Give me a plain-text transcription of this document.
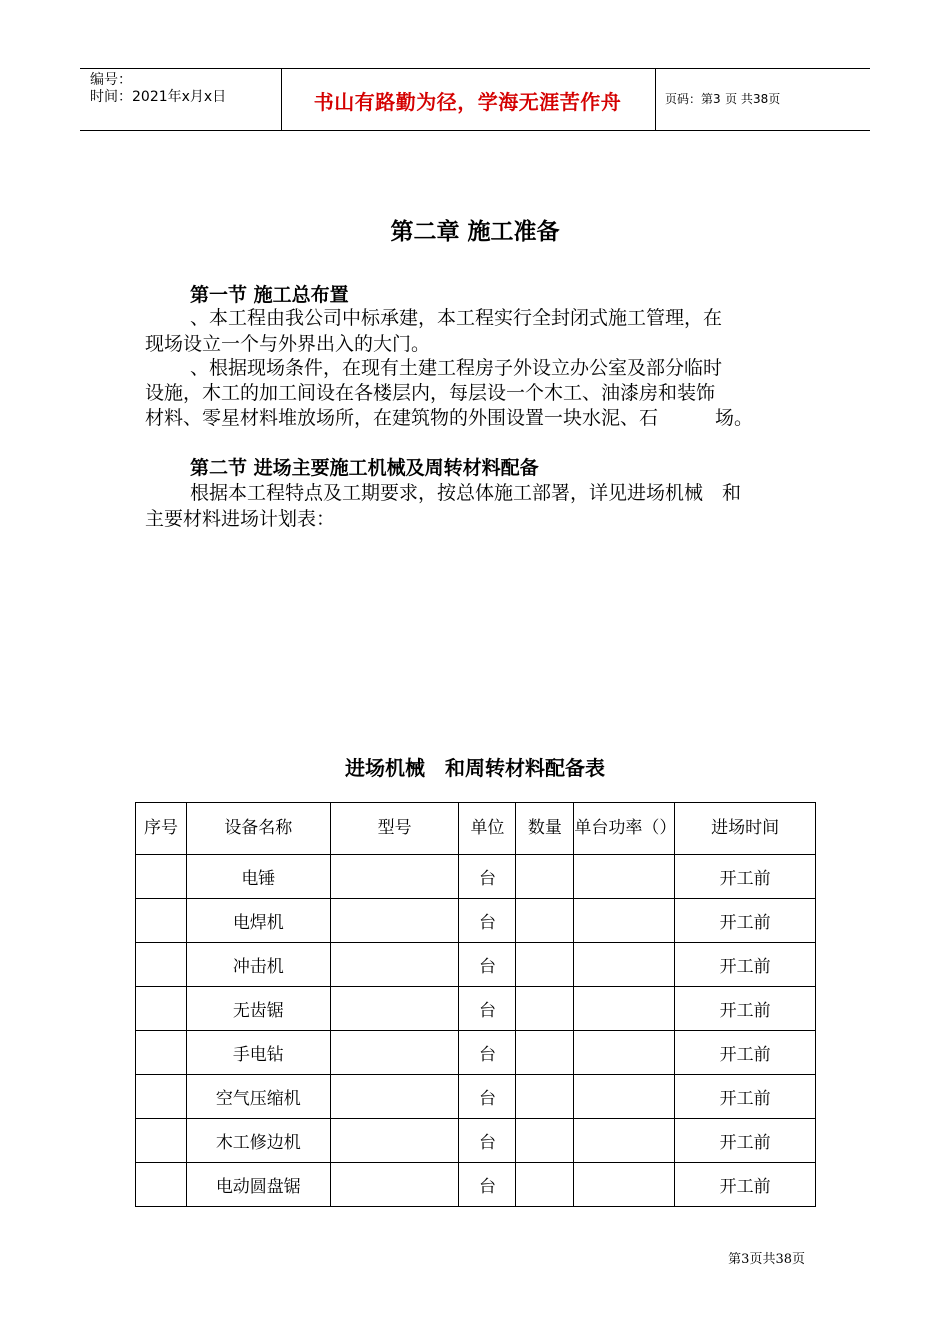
编号：
时间：2021年x月x日	书山有路勤为径，学海无涯苦作舟	页码：第3 页 共38页
第二章 施工准备
第一节 施工总布置
、本工程由我公司中标承建，本工程实行全封闭式施工管理，在
现场设立一个与外界出入的大门。
、根据现场条件，在现有土建工程房子外设立办公室及部分临时
设施，木工的加工间设在各楼层内，每层设一个木工、油漆房和装饰
材料、零星材料堆放场所，在建筑物的外围设置一块水泥、石　　　场。
第二节 进场主要施工机械及周转材料配备
根据本工程特点及工期要求，按总体施工部署，详见进场机械　和
主要材料进场计划表：
进场机械　和周转材料配备表
序号	设备名称	型号	单位	数量	单台功率（）	进场时间
	电锤		台			开工前
	电焊机		台			开工前
	冲击机		台			开工前
	无齿锯		台			开工前
	手电钻		台			开工前
	空气压缩机		台			开工前
	木工修边机		台			开工前
	电动圆盘锯		台			开工前
第3页共38页
